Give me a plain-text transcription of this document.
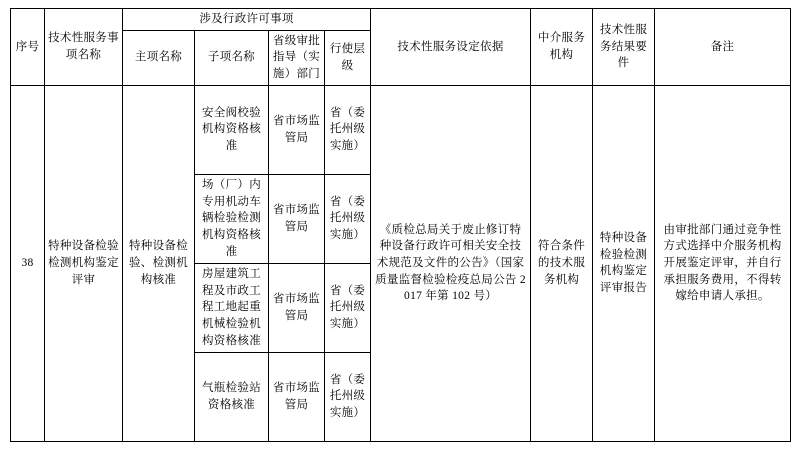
序号	技术性服务事项名称	涉及行政许可事项				技术性服务设定依据	中介服务机构	技术性服务结果要件	备注
		主项名称	子项名称	省级审批指导（实施）部门	行使层级				
38	特种设备检验检测机构鉴定评审	特种设备检验、检测机构核准	安全阀校验机构资格核准	省市场监管局	省（委托州级实施）	《质检总局关于废止修订特种设备行政许可相关安全技术规范及文件的公告》（国家质量监督检验检疫总局公告 2017 年第 102 号）	符合条件的技术服务机构	特种设备检验检测机构鉴定评审报告	由审批部门通过竞争性方式选择中介服务机构开展鉴定评审，并自行承担服务费用，不得转嫁给申请人承担。
			场（厂）内专用机动车辆检验检测机构资格核准	省市场监管局	省（委托州级实施）				
			房屋建筑工程及市政工程工地起重机械检验机构资格核准	省市场监管局	省（委托州级实施）				
			气瓶检验站资格核准	省市场监管局	省（委托州级实施）				
